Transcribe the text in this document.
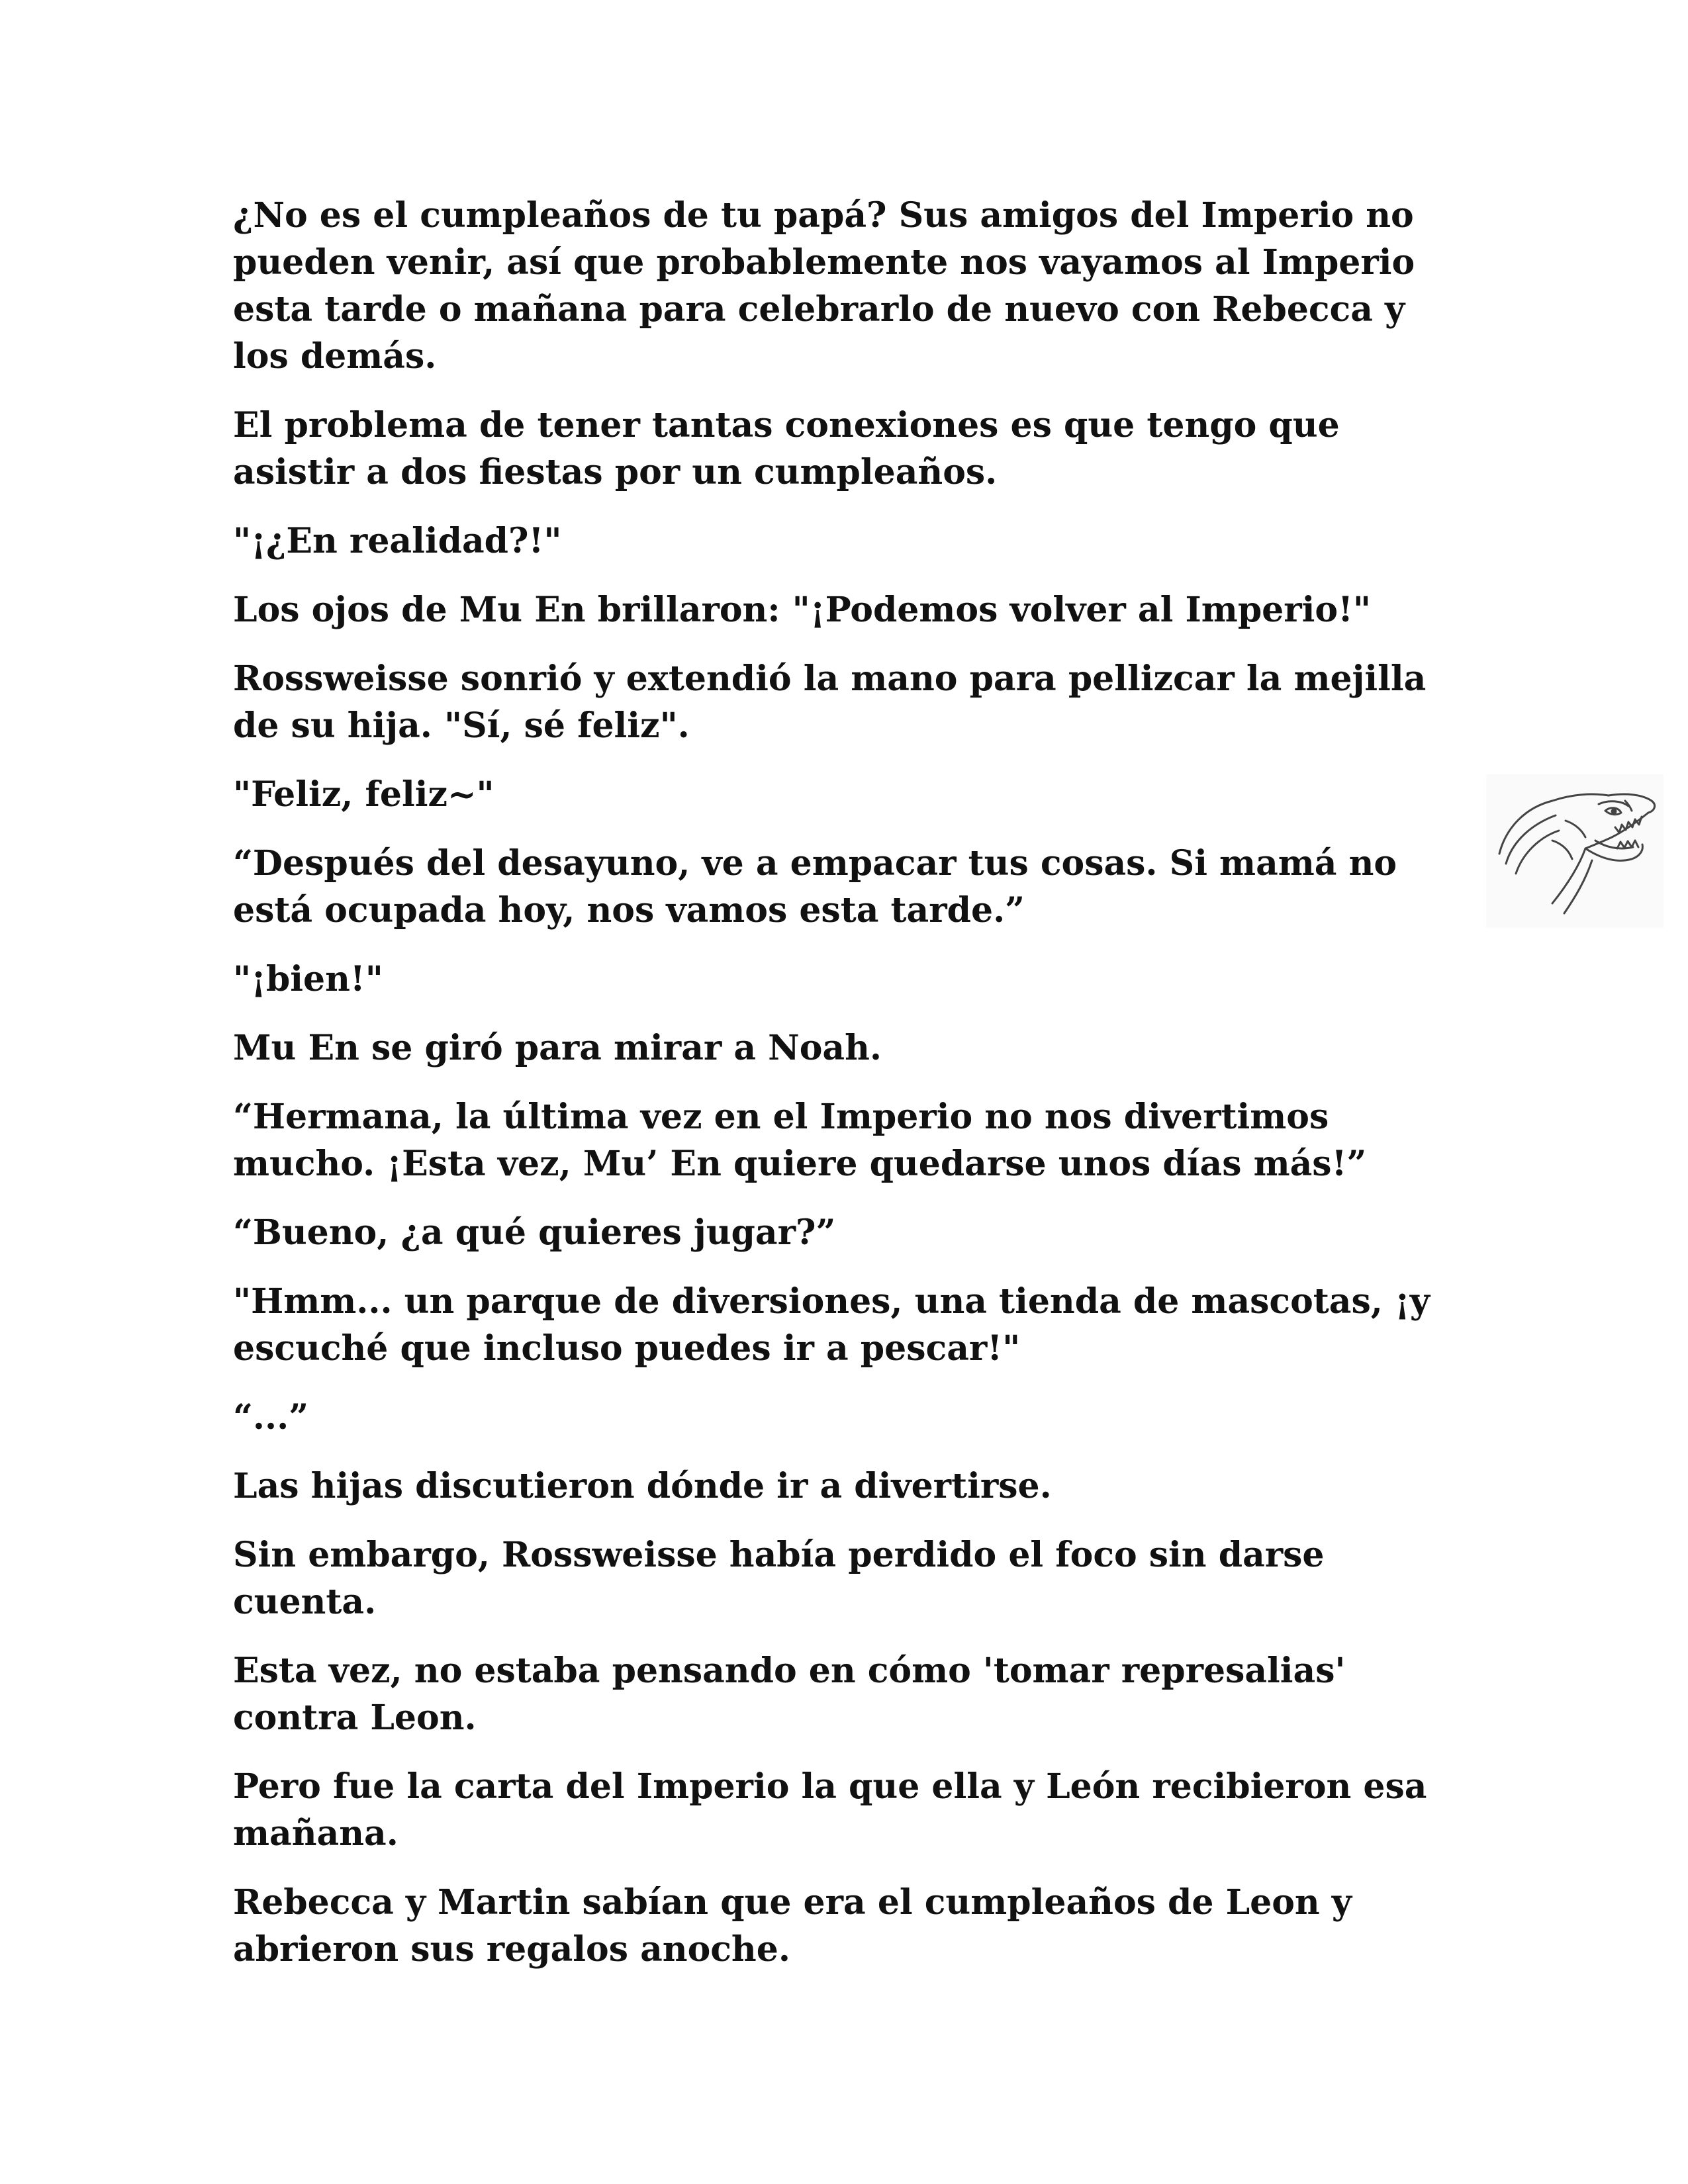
¿No es el cumpleaños de tu papá? Sus amigos del Imperio no pueden venir, así que probablemente nos vayamos al Imperio esta tarde o mañana para celebrarlo de nuevo con Rebecca y los demás.

El problema de tener tantas conexiones es que tengo que asistir a dos fiestas por un cumpleaños.

"¡¿En realidad?!"

Los ojos de Mu En brillaron: "¡Podemos volver al Imperio!"

Rossweisse sonrió y extendió la mano para pellizcar la mejilla de su hija. "Sí, sé feliz".

"Feliz, feliz~"

“Después del desayuno, ve a empacar tus cosas. Si mamá no está ocupada hoy, nos vamos esta tarde.”

"¡bien!"

Mu En se giró para mirar a Noah.

“Hermana, la última vez en el Imperio no nos divertimos mucho. ¡Esta vez, Mu’ En quiere quedarse unos días más!”

“Bueno, ¿a qué quieres jugar?”

"Hmm... un parque de diversiones, una tienda de mascotas, ¡y escuché que incluso puedes ir a pescar!"

“...”

Las hijas discutieron dónde ir a divertirse.

Sin embargo, Rossweisse había perdido el foco sin darse cuenta.

Esta vez, no estaba pensando en cómo 'tomar represalias' contra Leon.

Pero fue la carta del Imperio la que ella y León recibieron esa mañana.

Rebecca y Martin sabían que era el cumpleaños de Leon y abrieron sus regalos anoche.
